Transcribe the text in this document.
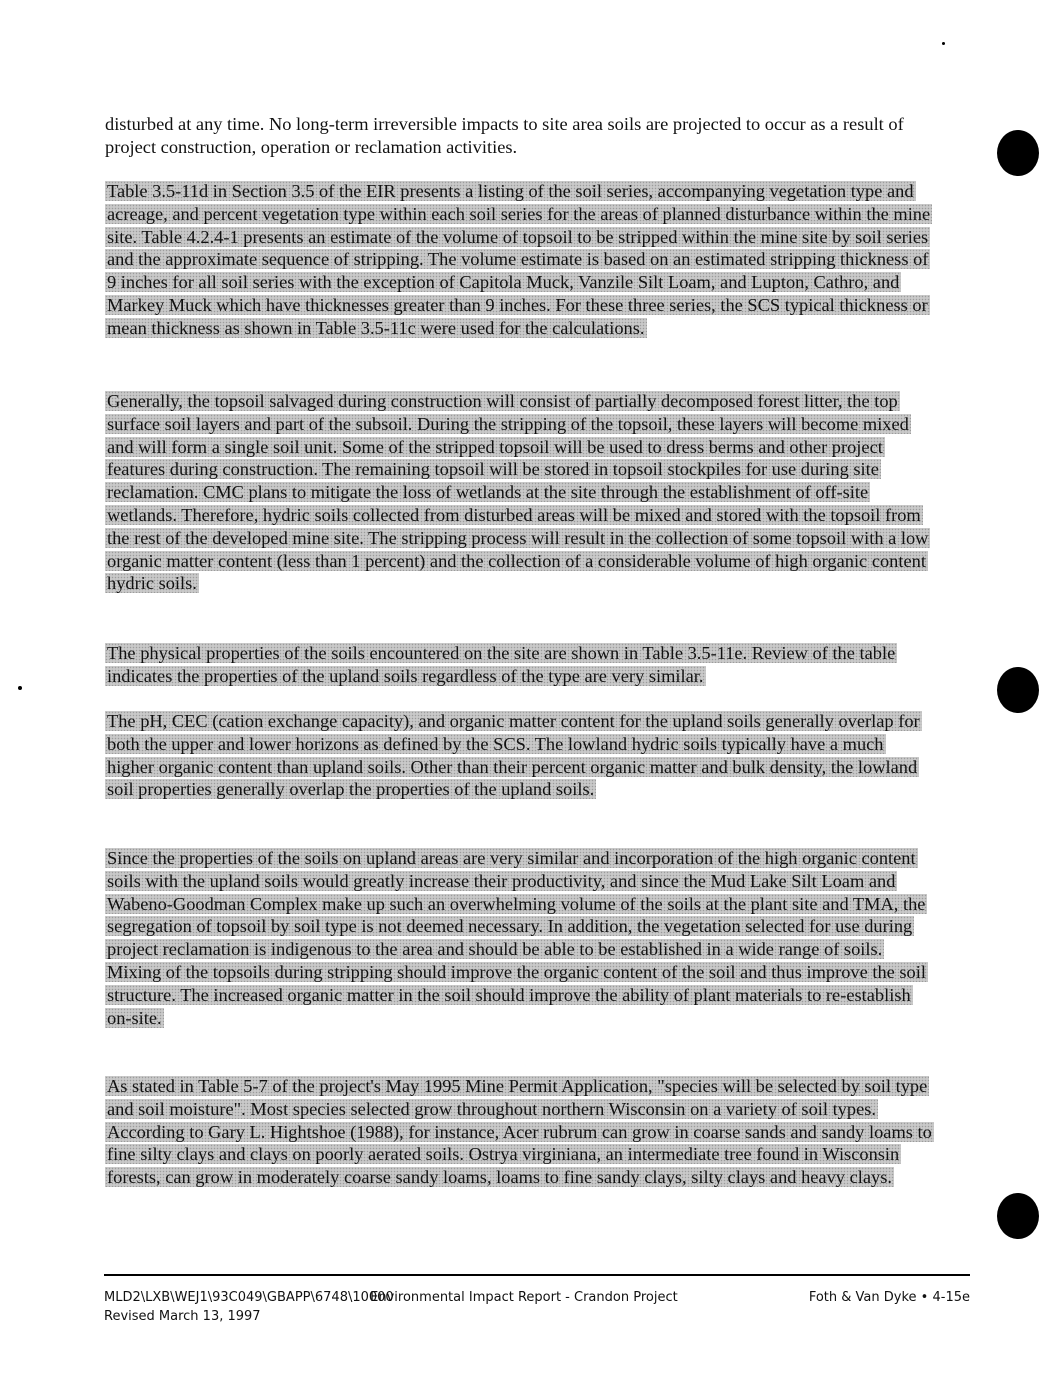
disturbed at any time. No long-term irreversible impacts to site area soils are projected to occur as a result of project construction, operation or reclamation activities.
Table 3.5-11d in Section 3.5 of the EIR presents a listing of the soil series, accompanying vegetation type and acreage, and percent vegetation type within each soil series for the areas of planned disturbance within the mine site. Table 4.2.4-1 presents an estimate of the volume of topsoil to be stripped within the mine site by soil series and the approximate sequence of stripping. The volume estimate is based on an estimated stripping thickness of 9 inches for all soil series with the exception of Capitola Muck, Vanzile Silt Loam, and Lupton, Cathro, and Markey Muck which have thicknesses greater than 9 inches. For these three series, the SCS typical thickness or mean thickness as shown in Table 3.5-11c were used for the calculations.
Generally, the topsoil salvaged during construction will consist of partially decomposed forest litter, the top surface soil layers and part of the subsoil. During the stripping of the topsoil, these layers will become mixed and will form a single soil unit. Some of the stripped topsoil will be used to dress berms and other project features during construction. The remaining topsoil will be stored in topsoil stockpiles for use during site reclamation. CMC plans to mitigate the loss of wetlands at the site through the establishment of off-site wetlands. Therefore, hydric soils collected from disturbed areas will be mixed and stored with the topsoil from the rest of the developed mine site. The stripping process will result in the collection of some topsoil with a low organic matter content (less than 1 percent) and the collection of a considerable volume of high organic content hydric soils.
The physical properties of the soils encountered on the site are shown in Table 3.5-11e. Review of the table indicates the properties of the upland soils regardless of the type are very similar.
The pH, CEC (cation exchange capacity), and organic matter content for the upland soils generally overlap for both the upper and lower horizons as defined by the SCS. The lowland hydric soils typically have a much higher organic content than upland soils. Other than their percent organic matter and bulk density, the lowland soil properties generally overlap the properties of the upland soils.
Since the properties of the soils on upland areas are very similar and incorporation of the high organic content soils with the upland soils would greatly increase their productivity, and since the Mud Lake Silt Loam and Wabeno-Goodman Complex make up such an overwhelming volume of the soils at the plant site and TMA, the segregation of topsoil by soil type is not deemed necessary. In addition, the vegetation selected for use during project reclamation is indigenous to the area and should be able to be established in a wide range of soils. Mixing of the topsoils during stripping should improve the organic content of the soil and thus improve the soil structure. The increased organic matter in the soil should improve the ability of plant materials to re-establish on-site.
As stated in Table 5-7 of the project's May 1995 Mine Permit Application, "species will be selected by soil type and soil moisture". Most species selected grow throughout northern Wisconsin on a variety of soil types. According to Gary L. Hightshoe (1988), for instance, Acer rubrum can grow in coarse sands and sandy loams to fine silty clays and clays on poorly aerated soils. Ostrya virginiana, an intermediate tree found in Wisconsin forests, can grow in moderately coarse sandy loams, loams to fine sandy clays, silty clays and heavy clays.
MLD2\LXB\WEJ1\93C049\GBAPP\6748\10000 Environmental Impact Report - Crandon Project
Revised March 13, 1997
Foth & Van Dyke • 4-15e
